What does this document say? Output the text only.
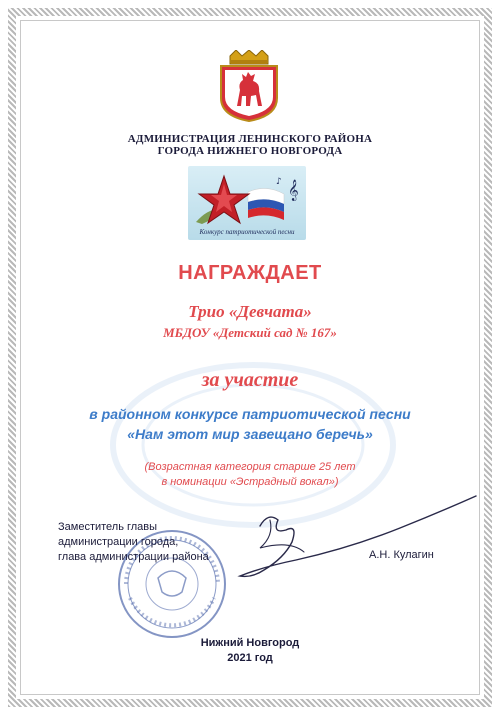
АДМИНИСТРАЦИЯ ЛЕНИНСКОГО РАЙОНА
ГОРОДА НИЖНЕГО НОВГОРОДА
𝄞
♪
Конкурс патриотической песни
НАГРАЖДАЕТ
Трио «Девчата»
МБДОУ «Детский сад № 167»
за участие
в районном конкурсе патриотической песни
«Нам этот мир завещано беречь»
(Возрастная категория старше 25 лет
в номинации «Эстрадный вокал»)
Заместитель главы
администрации города,
глава администрации района	А.Н. Кулагин
Нижний Новгород
2021 год
